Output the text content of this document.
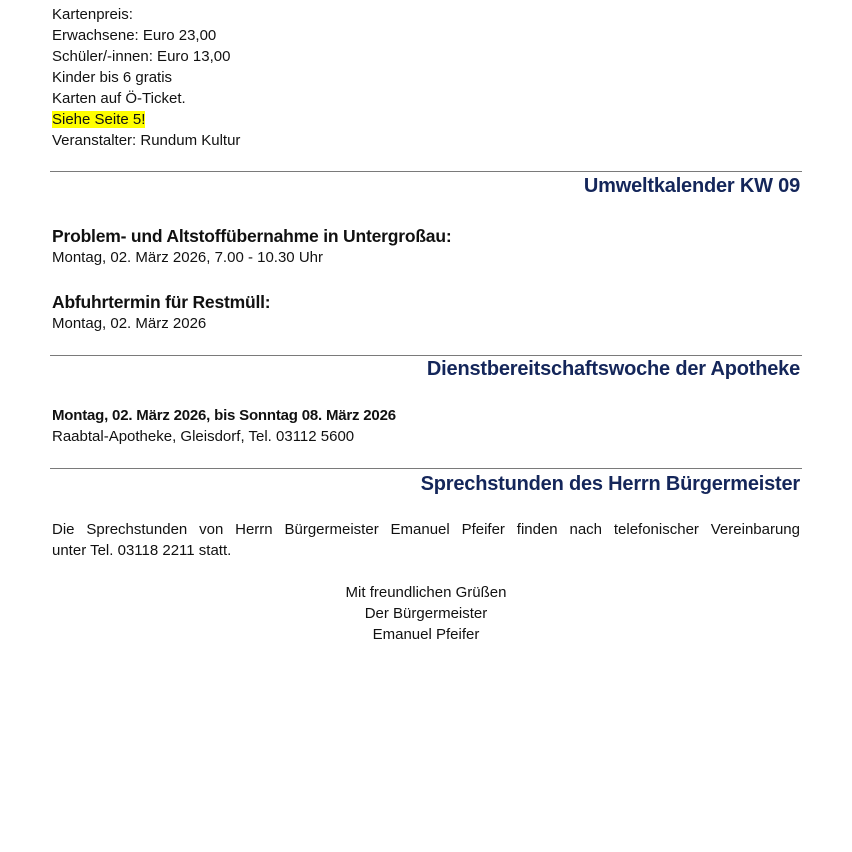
Kartenpreis:
Erwachsene: Euro 23,00
Schüler/-innen: Euro 13,00
Kinder bis 6 gratis
Karten auf Ö-Ticket.
Siehe Seite 5!
Veranstalter: Rundum Kultur
Umweltkalender KW 09
Problem- und Altstoffübernahme in Untergroßau:
Montag, 02. März 2026, 7.00 - 10.30 Uhr
Abfuhrtermin für Restmüll:
Montag, 02. März 2026
Dienstbereitschaftswoche der Apotheke
Montag, 02. März 2026, bis Sonntag 08. März 2026
Raabtal-Apotheke, Gleisdorf, Tel. 03112 5600
Sprechstunden des Herrn Bürgermeister
Die Sprechstunden von Herrn Bürgermeister Emanuel Pfeifer finden nach telefonischer Vereinbarung
unter Tel. 03118 2211 statt.
Mit freundlichen Grüßen
Der Bürgermeister
Emanuel Pfeifer
